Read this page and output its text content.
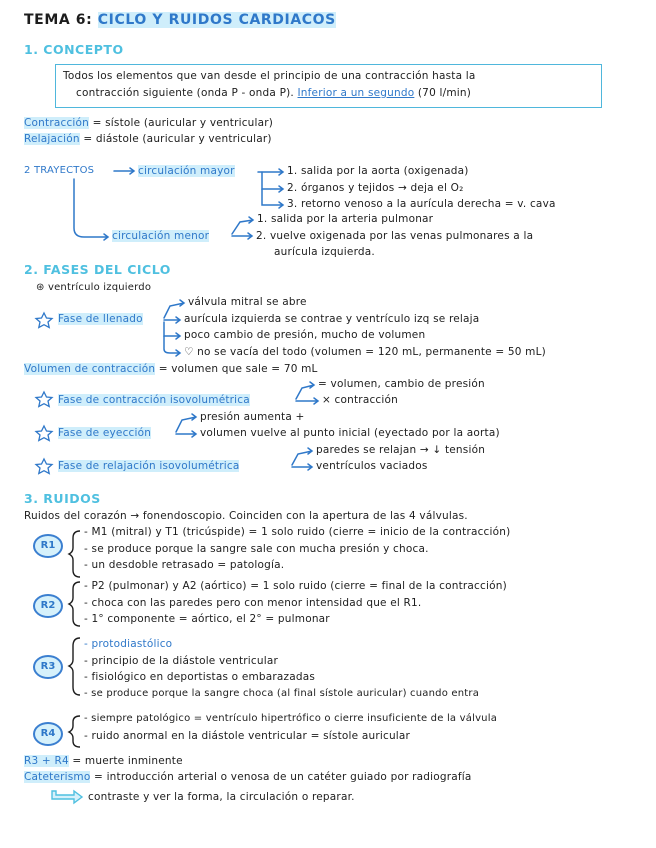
TEMA 6: CICLO Y RUIDOS CARDIACOS
1. CONCEPTO
Todos los elementos que van desde el principio de una contracción hasta la
contracción siguiente (onda P - onda P). Inferior a un segundo (70 l/min)
Contracción = sístole (auricular y ventricular)
Relajación = diástole (auricular y ventricular)
2 TRAYECTOS	circulación mayor	1. salida por la aorta (oxigenada)
2. órganos y tejidos → deja el O₂
3. retorno venoso a la aurícula derecha = v. cava
1. salida por la arteria pulmonar
circulación menor	2. vuelve oxigenada por las venas pulmonares a la
aurícula izquierda.
2. FASES DEL CICLO
⊛ ventrículo izquierdo
Fase de llenado
válvula mitral se abre
aurícula izquierda se contrae y ventrículo izq se relaja
poco cambio de presión, mucho de volumen
♡ no se vacía del todo (volumen = 120 mL, permanente = 50 mL)
Volumen de contracción = volumen que sale = 70 mL
Fase de contracción isovolumétrica
= volumen, cambio de presión
× contracción
Fase de eyección
presión aumenta +
volumen vuelve al punto inicial (eyectado por la aorta)
Fase de relajación isovolumétrica
paredes se relajan → ↓ tensión
ventrículos vaciados
3. RUIDOS
Ruidos del corazón → fonendoscopio. Coinciden con la apertura de las 4 válvulas.
R1
- M1 (mitral) y T1 (tricúspide) = 1 solo ruido (cierre = inicio de la contracción)
- se produce porque la sangre sale con mucha presión y choca.
- un desdoble retrasado = patología.
R2
- P2 (pulmonar) y A2 (aórtico) = 1 solo ruido (cierre = final de la contracción)
- choca con las paredes pero con menor intensidad que el R1.
- 1° componente = aórtico, el 2° = pulmonar
R3
- protodiastólico
- principio de la diástole ventricular
- fisiológico en deportistas o embarazadas
- se produce porque la sangre choca (al final sístole auricular) cuando entra
R4
- siempre patológico = ventrículo hipertrófico o cierre insuficiente de la válvula
- ruido anormal en la diástole ventricular = sístole auricular
R3 + R4 = muerte inminente
Cateterismo = introducción arterial o venosa de un catéter guiado por radiografía
contraste y ver la forma, la circulación o reparar.
